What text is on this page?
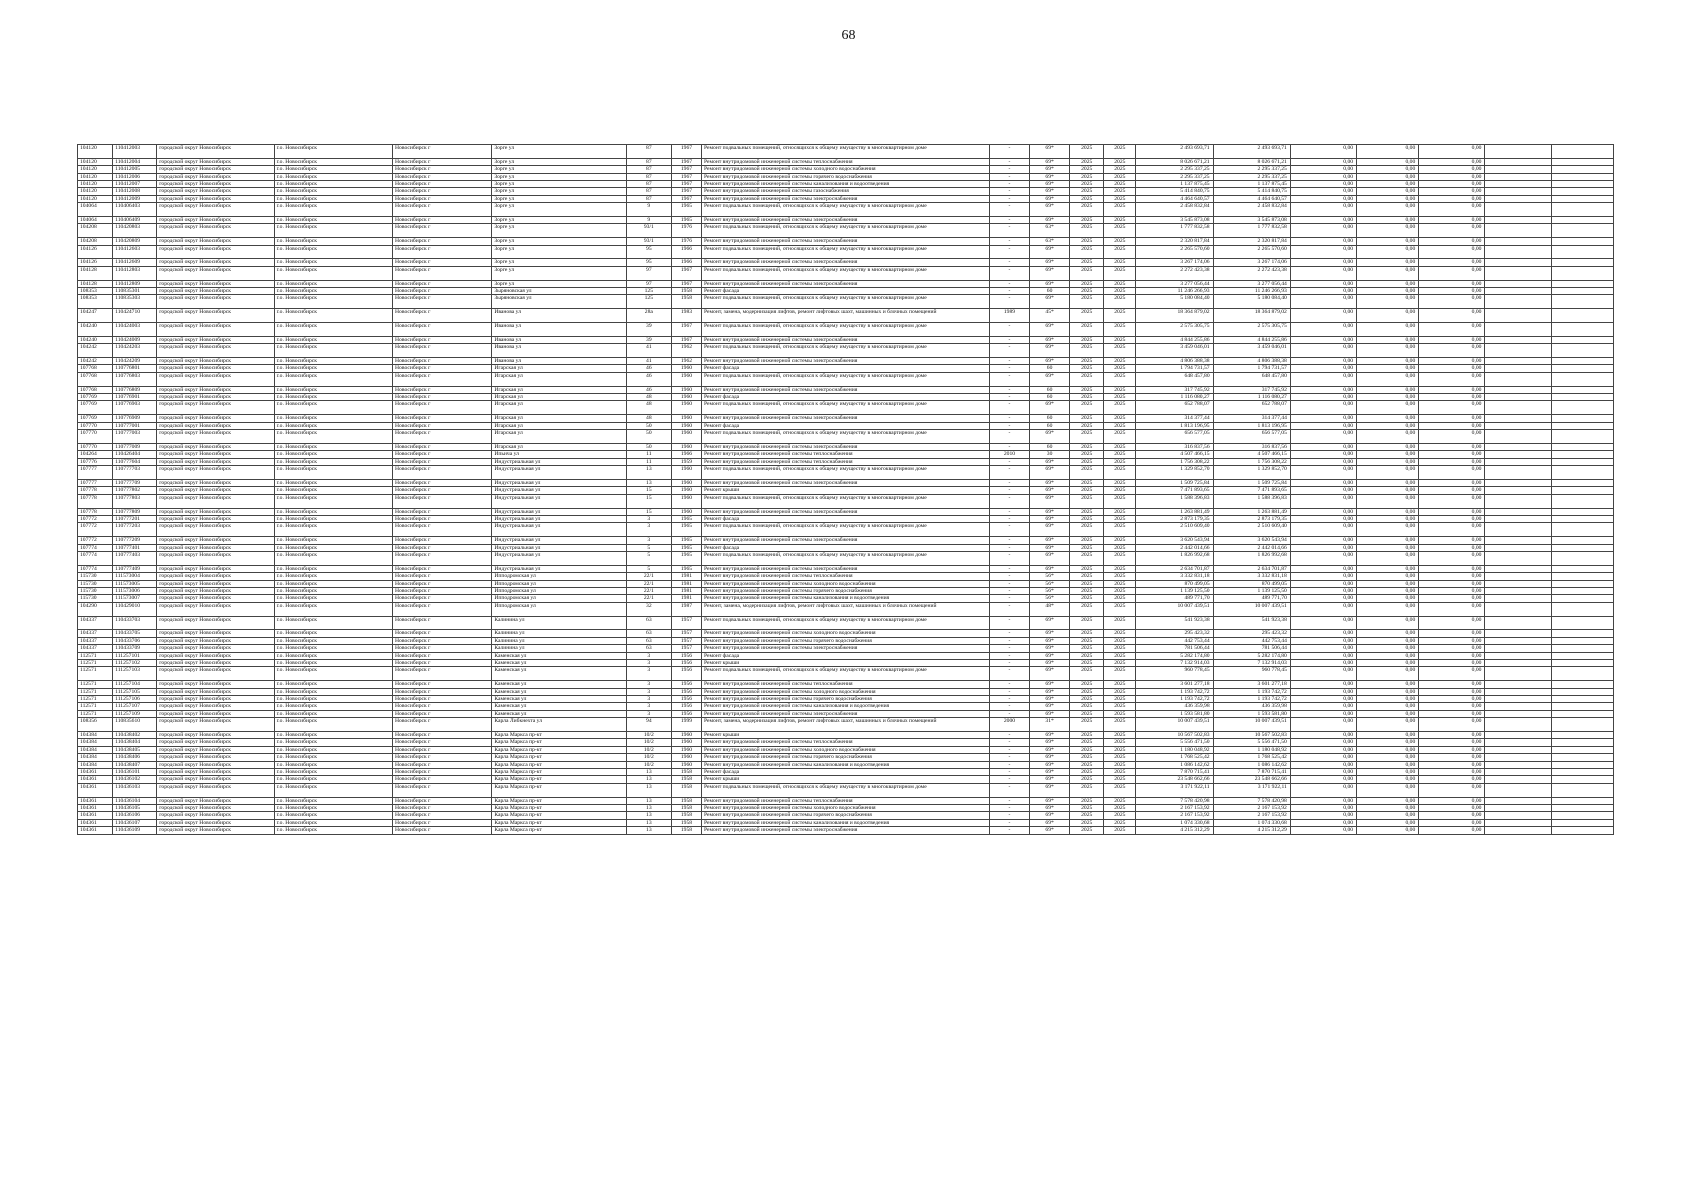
68
104120	110412003	городской округ Новосибирск	г.о. Новосибирск	Новосибирск г	Зорге ул	87	1967	Ремонт подвальных помещений, относящихся к общему имуществу в многоквартирном доме	-	69*	2025	2025	2 493 693,71	2 493 693,71	0,00	0,00	0,00		
104120	110412004	городской округ Новосибирск	г.о. Новосибирск	Новосибирск г	Зорге ул	87	1967	Ремонт внутридомовой инженерной системы теплоснабжения	-	69*	2025	2025	8 026 671,21	8 026 671,21	0,00	0,00	0,00		
104120	110412005	городской округ Новосибирск	г.о. Новосибирск	Новосибирск г	Зорге ул	87	1967	Ремонт внутридомовой инженерной системы холодного водоснабжения	-	69*	2025	2025	2 295 337,25	2 295 337,25	0,00	0,00	0,00		
104120	110412006	городской округ Новосибирск	г.о. Новосибирск	Новосибирск г	Зорге ул	87	1967	Ремонт внутридомовой инженерной системы горячего водоснабжения	-	69*	2025	2025	2 295 337,25	2 295 337,25	0,00	0,00	0,00		
104120	110412007	городской округ Новосибирск	г.о. Новосибирск	Новосибирск г	Зорге ул	87	1967	Ремонт внутридомовой инженерной системы канализования и водоотведения	-	69*	2025	2025	1 137 875,45	1 137 875,45	0,00	0,00	0,00		
104120	110412008	городской округ Новосибирск	г.о. Новосибирск	Новосибирск г	Зорге ул	87	1967	Ремонт внутридомовой инженерной системы газоснабжения	-	69*	2025	2025	5 414 840,75	5 414 840,75	0,00	0,00	0,00		
104120	110412009	городской округ Новосибирск	г.о. Новосибирск	Новосибирск г	Зорге ул	87	1967	Ремонт внутридомовой инженерной системы электроснабжения	-	69*	2025	2025	4 464 640,57	4 464 640,57	0,00	0,00	0,00		
104064	110406403	городской округ Новосибирск	г.о. Новосибирск	Новосибирск г	Зорге ул	9	1965	Ремонт подвальных помещений, относящихся к общему имуществу в многоквартирном доме	-	69*	2025	2025	2 458 832,84	2 458 832,84	0,00	0,00	0,00		
104064	110406409	городской округ Новосибирск	г.о. Новосибирск	Новосибирск г	Зорге ул	9	1965	Ремонт внутридомовой инженерной системы электроснабжения	-	69*	2025	2025	3 545 873,08	3 545 873,08	0,00	0,00	0,00		
104208	110420803	городской округ Новосибирск	г.о. Новосибирск	Новосибирск г	Зорге ул	93/1	1976	Ремонт подвальных помещений, относящихся к общему имуществу в многоквартирном доме	-	63*	2025	2025	1 777 832,58	1 777 832,58	0,00	0,00	0,00		
104208	110420809	городской округ Новосибирск	г.о. Новосибирск	Новосибирск г	Зорге ул	93/1	1976	Ремонт внутридомовой инженерной системы электроснабжения	-	63*	2025	2025	2 320 817,84	2 320 817,84	0,00	0,00	0,00		
104126	110412603	городской округ Новосибирск	г.о. Новосибирск	Новосибирск г	Зорге ул	95	1966	Ремонт подвальных помещений, относящихся к общему имуществу в многоквартирном доме	-	69*	2025	2025	2 265 570,60	2 265 570,60	0,00	0,00	0,00		
104126	110412609	городской округ Новосибирск	г.о. Новосибирск	Новосибирск г	Зорге ул	95	1966	Ремонт внутридомовой инженерной системы электроснабжения	-	69*	2025	2025	3 267 174,06	3 267 174,06	0,00	0,00	0,00		
104128	110412803	городской округ Новосибирск	г.о. Новосибирск	Новосибирск г	Зорге ул	97	1967	Ремонт подвальных помещений, относящихся к общему имуществу в многоквартирном доме	-	69*	2025	2025	2 272 423,38	2 272 423,38	0,00	0,00	0,00		
104128	110412809	городской округ Новосибирск	г.о. Новосибирск	Новосибирск г	Зорге ул	97	1967	Ремонт внутридомовой инженерной системы электроснабжения	-	69*	2025	2025	3 277 056,44	3 277 056,44	0,00	0,00	0,00		
108353	110835301	городской округ Новосибирск	г.о. Новосибирск	Новосибирск г	Зыряновская ул	125	1958	Ремонт фасада	-	60	2025	2025	11 246 266,93	11 246 266,93	0,00	0,00	0,00		
108353	110835303	городской округ Новосибирск	г.о. Новосибирск	Новосибирск г	Зыряновская ул	125	1958	Ремонт подвальных помещений, относящихся к общему имуществу в многоквартирном доме	-	69*	2025	2025	5 180 084,40	5 180 084,40	0,00	0,00	0,00		
104247	110424710	городской округ Новосибирск	г.о. Новосибирск	Новосибирск г	Иванова ул	28а	1983	Ремонт, замена, модернизация лифтов, ремонт лифтовых шахт, машинных и блочных помещений	1989	45*	2025	2025	18 364 879,02	18 364 879,02	0,00	0,00	0,00		
104240	110424003	городской округ Новосибирск	г.о. Новосибирск	Новосибирск г	Иванова ул	39	1967	Ремонт подвальных помещений, относящихся к общему имуществу в многоквартирном доме	-	69*	2025	2025	2 575 305,75	2 575 305,75	0,00	0,00	0,00		
104240	110424009	городской округ Новосибирск	г.о. Новосибирск	Новосибирск г	Иванова ул	39	1967	Ремонт внутридомовой инженерной системы электроснабжения	-	69*	2025	2025	4 844 255,86	4 844 255,86	0,00	0,00	0,00		
104242	110424203	городской округ Новосибирск	г.о. Новосибирск	Новосибирск г	Иванова ул	41	1962	Ремонт подвальных помещений, относящихся к общему имуществу в многоквартирном доме	-	69*	2025	2025	3 459 046,01	3 459 046,01	0,00	0,00	0,00		
104242	110424209	городской округ Новосибирск	г.о. Новосибирск	Новосибирск г	Иванова ул	41	1962	Ремонт внутридомовой инженерной системы электроснабжения	-	69*	2025	2025	4 806 388,38	4 806 388,38	0,00	0,00	0,00		
107768	110776801	городской округ Новосибирск	г.о. Новосибирск	Новосибирск г	Игарская ул	46	1960	Ремонт фасада	-	60	2025	2025	1 794 731,57	1 794 731,57	0,00	0,00	0,00		
107768	110776803	городской округ Новосибирск	г.о. Новосибирск	Новосибирск г	Игарская ул	46	1960	Ремонт подвальных помещений, относящихся к общему имуществу в многоквартирном доме	-	69*	2025	2025	648 457,80	648 457,80	0,00	0,00	0,00		
107768	110776809	городской округ Новосибирск	г.о. Новосибирск	Новосибирск г	Игарская ул	46	1960	Ремонт внутридомовой инженерной системы электроснабжения	-	60	2025	2025	317 745,92	317 745,92	0,00	0,00	0,00		
107769	110776901	городской округ Новосибирск	г.о. Новосибирск	Новосибирск г	Игарская ул	48	1960	Ремонт фасада	-	60	2025	2025	1 116 080,27	1 116 080,27	0,00	0,00	0,00		
107769	110776903	городской округ Новосибирск	г.о. Новосибирск	Новосибирск г	Игарская ул	48	1960	Ремонт подвальных помещений, относящихся к общему имуществу в многоквартирном доме	-	69*	2025	2025	652 788,07	652 788,07	0,00	0,00	0,00		
107769	110776909	городской округ Новосибирск	г.о. Новосибирск	Новосибирск г	Игарская ул	48	1960	Ремонт внутридомовой инженерной системы электроснабжения	-	60	2025	2025	314 377,44	314 377,44	0,00	0,00	0,00		
107770	110777001	городской округ Новосибирск	г.о. Новосибирск	Новосибирск г	Игарская ул	50	1960	Ремонт фасада	-	60	2025	2025	1 813 196,95	1 813 196,95	0,00	0,00	0,00		
107770	110777003	городской округ Новосибирск	г.о. Новосибирск	Новосибирск г	Игарская ул	50	1960	Ремонт подвальных помещений, относящихся к общему имуществу в многоквартирном доме	-	69*	2025	2025	656 577,05	656 577,05	0,00	0,00	0,00		
107770	110777009	городской округ Новосибирск	г.о. Новосибирск	Новосибирск г	Игарская ул	50	1960	Ремонт внутридомовой инженерной системы электроснабжения	-	60	2025	2025	316 837,56	316 837,56	0,00	0,00	0,00		
104264	110426404	городской округ Новосибирск	г.о. Новосибирск	Новосибирск г	Ипьича ул	11	1966	Ремонт внутридомовой инженерной системы теплоснабжения	2010	30	2025	2025	4 507 466,15	4 507 466,15	0,00	0,00	0,00		
107776	110777604	городской округ Новосибирск	г.о. Новосибирск	Новосибирск г	Индустриальная ул	11	1959	Ремонт внутридомовой инженерной системы теплоснабжения	-	69*	2025	2025	1 756 308,22	1 756 308,22	0,00	0,00	0,00		
107777	110777703	городской округ Новосибирск	г.о. Новосибирск	Новосибирск г	Индустриальная ул	13	1960	Ремонт подвальных помещений, относящихся к общему имуществу в многоквартирном доме	-	69*	2025	2025	1 329 852,70	1 329 852,70	0,00	0,00	0,00		
107777	110777709	городской округ Новосибирск	г.о. Новосибирск	Новосибирск г	Индустриальная ул	13	1960	Ремонт внутридомовой инженерной системы электроснабжения	-	69*	2025	2025	1 509 725,84	1 509 725,84	0,00	0,00	0,00		
107778	110777802	городской округ Новосибирск	г.о. Новосибирск	Новосибирск г	Индустриальная ул	15	1960	Ремонт крыши	-	69*	2025	2025	7 471 893,65	7 471 893,65	0,00	0,00	0,00		
107778	110777803	городской округ Новосибирск	г.о. Новосибирск	Новосибирск г	Индустриальная ул	15	1960	Ремонт подвальных помещений, относящихся к общему имуществу в многоквартирном доме	-	69*	2025	2025	1 588 396,83	1 588 396,83	0,00	0,00	0,00		
107778	110777809	городской округ Новосибирск	г.о. Новосибирск	Новосибирск г	Индустриальная ул	15	1960	Ремонт внутридомовой инженерной системы электроснабжения	-	69*	2025	2025	1 263 881,49	1 263 881,49	0,00	0,00	0,00		
107772	110777201	городской округ Новосибирск	г.о. Новосибирск	Новосибирск г	Индустриальная ул	3	1965	Ремонт фасада	-	69*	2025	2025	2 873 179,35	2 873 179,35	0,00	0,00	0,00		
107772	110777203	городской округ Новосибирск	г.о. Новосибирск	Новосибирск г	Индустриальная ул	3	1965	Ремонт подвальных помещений, относящихся к общему имуществу в многоквартирном доме	-	69*	2025	2025	2 510 609,40	2 510 609,40	0,00	0,00	0,00		
107772	110777209	городской округ Новосибирск	г.о. Новосибирск	Новосибирск г	Индустриальная ул	3	1965	Ремонт внутридомовой инженерной системы электроснабжения	-	69*	2025	2025	3 620 543,94	3 620 543,94	0,00	0,00	0,00		
107774	110777401	городской округ Новосибирск	г.о. Новосибирск	Новосибирск г	Индустриальная ул	5	1965	Ремонт фасада	-	69*	2025	2025	2 442 014,66	2 442 014,66	0,00	0,00	0,00		
107774	110777403	городской округ Новосибирск	г.о. Новосибирск	Новосибирск г	Индустриальная ул	5	1965	Ремонт подвальных помещений, относящихся к общему имуществу в многоквартирном доме	-	69*	2025	2025	1 826 992,68	1 826 992,68	0,00	0,00	0,00		
107774	110777409	городской округ Новосибирск	г.о. Новосибирск	Новосибирск г	Индустриальная ул	5	1965	Ремонт внутридомовой инженерной системы электроснабжения	-	69*	2025	2025	2 634 701,87	2 634 701,87	0,00	0,00	0,00		
115730	111573004	городской округ Новосибирск	г.о. Новосибирск	Новосибирск г	Ипподромская ул	22/1	1981	Ремонт внутридомовой инженерной системы теплоснабжения	-	56*	2025	2025	3 332 831,18	3 332 831,18	0,00	0,00	0,00		
115730	111573005	городской округ Новосибирск	г.о. Новосибирск	Новосибирск г	Ипподромская ул	22/1	1981	Ремонт внутридомовой инженерной системы холодного водоснабжения	-	56*	2025	2025	870 499,05	870 499,05	0,00	0,00	0,00		
115730	111573006	городской округ Новосибирск	г.о. Новосибирск	Новосибирск г	Ипподромская ул	22/1	1981	Ремонт внутридомовой инженерной системы горячего водоснабжения	-	56*	2025	2025	1 139 125,50	1 139 125,50	0,00	0,00	0,00		
115730	111573007	городской округ Новосибирск	г.о. Новосибирск	Новосибирск г	Ипподромская ул	22/1	1981	Ремонт внутридомовой инженерной системы канализования и водоотведения	-	56*	2025	2025	489 771,70	489 771,70	0,00	0,00	0,00		
104290	110429010	городской округ Новосибирск	г.о. Новосибирск	Новосибирск г	Ипподромская ул	32	1987	Ремонт, замена, модернизация лифтов, ремонт лифтовых шахт, машинных и блочных помещений	-	48*	2025	2025	10 007 439,51	10 007 439,51	0,00	0,00	0,00		
104337	110433703	городской округ Новосибирск	г.о. Новосибирск	Новосибирск г	Калинина ул	63	1957	Ремонт подвальных помещений, относящихся к общему имуществу в многоквартирном доме	-	69*	2025	2025	541 923,38	541 923,38	0,00	0,00	0,00		
104337	110433705	городской округ Новосибирск	г.о. Новосибирск	Новосибирск г	Калинина ул	63	1957	Ремонт внутридомовой инженерной системы холодного водоснабжения	-	69*	2025	2025	295 423,32	295 423,32	0,00	0,00	0,00		
104337	110433706	городской округ Новосибирск	г.о. Новосибирск	Новосибирск г	Калинина ул	63	1957	Ремонт внутридомовой инженерной системы горячего водоснабжения	-	69*	2025	2025	442 753,44	442 753,44	0,00	0,00	0,00		
104337	110433709	городской округ Новосибирск	г.о. Новосибирск	Новосибирск г	Калинина ул	63	1957	Ремонт внутридомовой инженерной системы электроснабжения	-	69*	2025	2025	781 506,44	781 506,44	0,00	0,00	0,00		
112571	111257101	городской округ Новосибирск	г.о. Новосибирск	Новосибирск г	Каменская ул	3	1956	Ремонт фасада	-	69*	2025	2025	5 282 174,80	5 282 174,80	0,00	0,00	0,00		
112571	111257102	городской округ Новосибирск	г.о. Новосибирск	Новосибирск г	Каменская ул	3	1956	Ремонт крыши	-	69*	2025	2025	7 132 914,03	7 132 914,03	0,00	0,00	0,00		
112571	111257103	городской округ Новосибирск	г.о. Новосибирск	Новосибирск г	Каменская ул	3	1956	Ремонт подвальных помещений, относящихся к общему имуществу в многоквартирном доме	-	69*	2025	2025	960 778,45	960 778,45	0,00	0,00	0,00		
112571	111257104	городской округ Новосибирск	г.о. Новосибирск	Новосибирск г	Каменская ул	3	1956	Ремонт внутридомовой инженерной системы теплоснабжения	-	69*	2025	2025	3 601 277,18	3 601 277,18	0,00	0,00	0,00		
112571	111257105	городской округ Новосибирск	г.о. Новосибирск	Новосибирск г	Каменская ул	3	1956	Ремонт внутридомовой инженерной системы холодного водоснабжения	-	69*	2025	2025	1 193 742,72	1 193 742,72	0,00	0,00	0,00		
112571	111257106	городской округ Новосибирск	г.о. Новосибирск	Новосибирск г	Каменская ул	3	1956	Ремонт внутридомовой инженерной системы горячего водоснабжения	-	69*	2025	2025	1 193 742,72	1 193 742,72	0,00	0,00	0,00		
112571	111257107	городской округ Новосибирск	г.о. Новосибирск	Новосибирск г	Каменская ул	3	1956	Ремонт внутридомовой инженерной системы канализования и водоотведения	-	69*	2025	2025	436 359,98	436 359,98	0,00	0,00	0,00		
112571	111257109	городской округ Новосибирск	г.о. Новосибирск	Новосибирск г	Каменская ул	3	1956	Ремонт внутридомовой инженерной системы электроснабжения	-	69*	2025	2025	1 593 581,80	1 593 581,80	0,00	0,00	0,00		
108356	110835610	городской округ Новосибирск	г.о. Новосибирск	Новосибирск г	Карла Либкнехта ул	94	1999	Ремонт, замена, модернизация лифтов, ремонт лифтовых шахт, машинных и блочных помещений	2000	31*	2025	2025	10 007 439,51	10 007 439,51	0,00	0,00	0,00		
104384	110438402	городской округ Новосибирск	г.о. Новосибирск	Новосибирск г	Карла Маркса пр-кт	10/2	1960	Ремонт крыши	-	69*	2025	2025	10 567 502,83	10 567 502,83	0,00	0,00	0,00		
104384	110438404	городской округ Новосибирск	г.о. Новосибирск	Новосибирск г	Карла Маркса пр-кт	10/2	1960	Ремонт внутридомовой инженерной системы теплоснабжения	-	69*	2025	2025	5 556 471,50	5 556 471,50	0,00	0,00	0,00		
104384	110438405	городской округ Новосибирск	г.о. Новосибирск	Новосибирск г	Карла Маркса пр-кт	10/2	1960	Ремонт внутридомовой инженерной системы холодного водоснабжения	-	69*	2025	2025	1 180 048,92	1 180 048,92	0,00	0,00	0,00		
104384	110438406	городской округ Новосибирск	г.о. Новосибирск	Новосибирск г	Карла Маркса пр-кт	10/2	1960	Ремонт внутридомовой инженерной системы горячего водоснабжения	-	69*	2025	2025	1 768 525,42	1 768 525,42	0,00	0,00	0,00		
104384	110438407	городской округ Новосибирск	г.о. Новосибирск	Новосибирск г	Карла Маркса пр-кт	10/2	1960	Ремонт внутридомовой инженерной системы канализования и водоотведения	-	69*	2025	2025	1 086 142,62	1 086 142,62	0,00	0,00	0,00		
104361	110436101	городской округ Новосибирск	г.о. Новосибирск	Новосибирск г	Карла Маркса пр-кт	13	1958	Ремонт фасада	-	69*	2025	2025	7 870 715,41	7 870 715,41	0,00	0,00	0,00		
104361	110436102	городской округ Новосибирск	г.о. Новосибирск	Новосибирск г	Карла Маркса пр-кт	13	1958	Ремонт крыши	-	69*	2025	2025	23 548 662,66	23 548 662,66	0,00	0,00	0,00		
104361	110436103	городской округ Новосибирск	г.о. Новосибирск	Новосибирск г	Карла Маркса пр-кт	13	1958	Ремонт подвальных помещений, относящихся к общему имуществу в многоквартирном доме	-	69*	2025	2025	3 171 922,11	3 171 922,11	0,00	0,00	0,00		
104361	110436104	городской округ Новосибирск	г.о. Новосибирск	Новосибирск г	Карла Маркса пр-кт	13	1958	Ремонт внутридомовой инженерной системы теплоснабжения	-	69*	2025	2025	7 578 420,98	7 578 420,98	0,00	0,00	0,00		
104361	110436105	городской округ Новосибирск	г.о. Новосибирск	Новосибирск г	Карла Маркса пр-кт	13	1958	Ремонт внутридомовой инженерной системы холодного водоснабжения	-	69*	2025	2025	2 167 153,92	2 167 153,92	0,00	0,00	0,00		
104361	110436106	городской округ Новосибирск	г.о. Новосибирск	Новосибирск г	Карла Маркса пр-кт	13	1958	Ремонт внутридомовой инженерной системы горячего водоснабжения	-	69*	2025	2025	2 167 153,92	2 167 153,92	0,00	0,00	0,00		
104361	110436107	городской округ Новосибирск	г.о. Новосибирск	Новосибирск г	Карла Маркса пр-кт	13	1958	Ремонт внутридомовой инженерной системы канализования и водоотведения	-	69*	2025	2025	1 074 330,68	1 074 330,68	0,00	0,00	0,00		
104361	110436109	городской округ Новосибирск	г.о. Новосибирск	Новосибирск г	Карла Маркса пр-кт	13	1958	Ремонт внутридомовой инженерной системы электроснабжения	-	69*	2025	2025	4 215 312,29	4 215 312,29	0,00	0,00	0,00		
